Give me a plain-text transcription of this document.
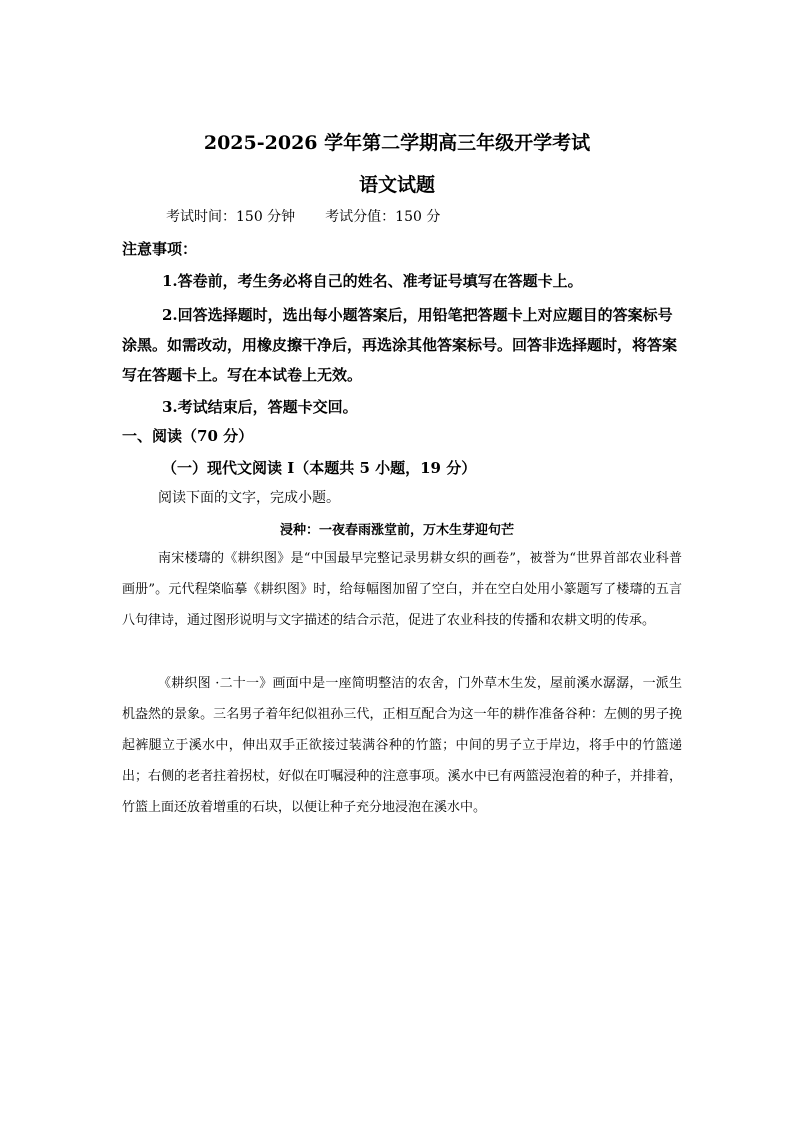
2025-2026 学年第二学期高三年级开学考试
语文试题
考试时间：150 分钟 考试分值：150 分
注意事项：
1.答卷前，考生务必将自己的姓名、准考证号填写在答题卡上。
2.回答选择题时，选出每小题答案后，用铅笔把答题卡上对应题目的答案标号涂黑。如需改动，用橡皮擦干净后，再选涂其他答案标号。回答非选择题时，将答案写在答题卡上。写在本试卷上无效。
3.考试结束后，答题卡交回。
一、阅读（70 分）
（一）现代文阅读 I（本题共 5 小题，19 分）
阅读下面的文字，完成小题。
浸种：一夜春雨涨堂前，万木生芽迎句芒
南宋楼璹的《耕织图》是“中国最早完整记录男耕女织的画卷”，被誉为“世界首部农业科普画册”。元代程棨临摹《耕织图》时，给每幅图加留了空白，并在空白处用小篆题写了楼璹的五言八句律诗，通过图形说明与文字描述的结合示范，促进了农业科技的传播和农耕文明的传承。
《耕织图 ·二十一》画面中是一座简明整洁的农舍，门外草木生发，屋前溪水潺潺，一派生机盎然的景象。三名男子着年纪似祖孙三代，正相互配合为这一年的耕作准备谷种：左侧的男子挽起裤腿立于溪水中，伸出双手正欲接过装满谷种的竹篮；中间的男子立于岸边，将手中的竹篮递出；右侧的老者拄着拐杖，好似在叮嘱浸种的注意事项。溪水中已有两篮浸泡着的种子，并排着，竹篮上面还放着增重的石块，以便让种子充分地浸泡在溪水中。
